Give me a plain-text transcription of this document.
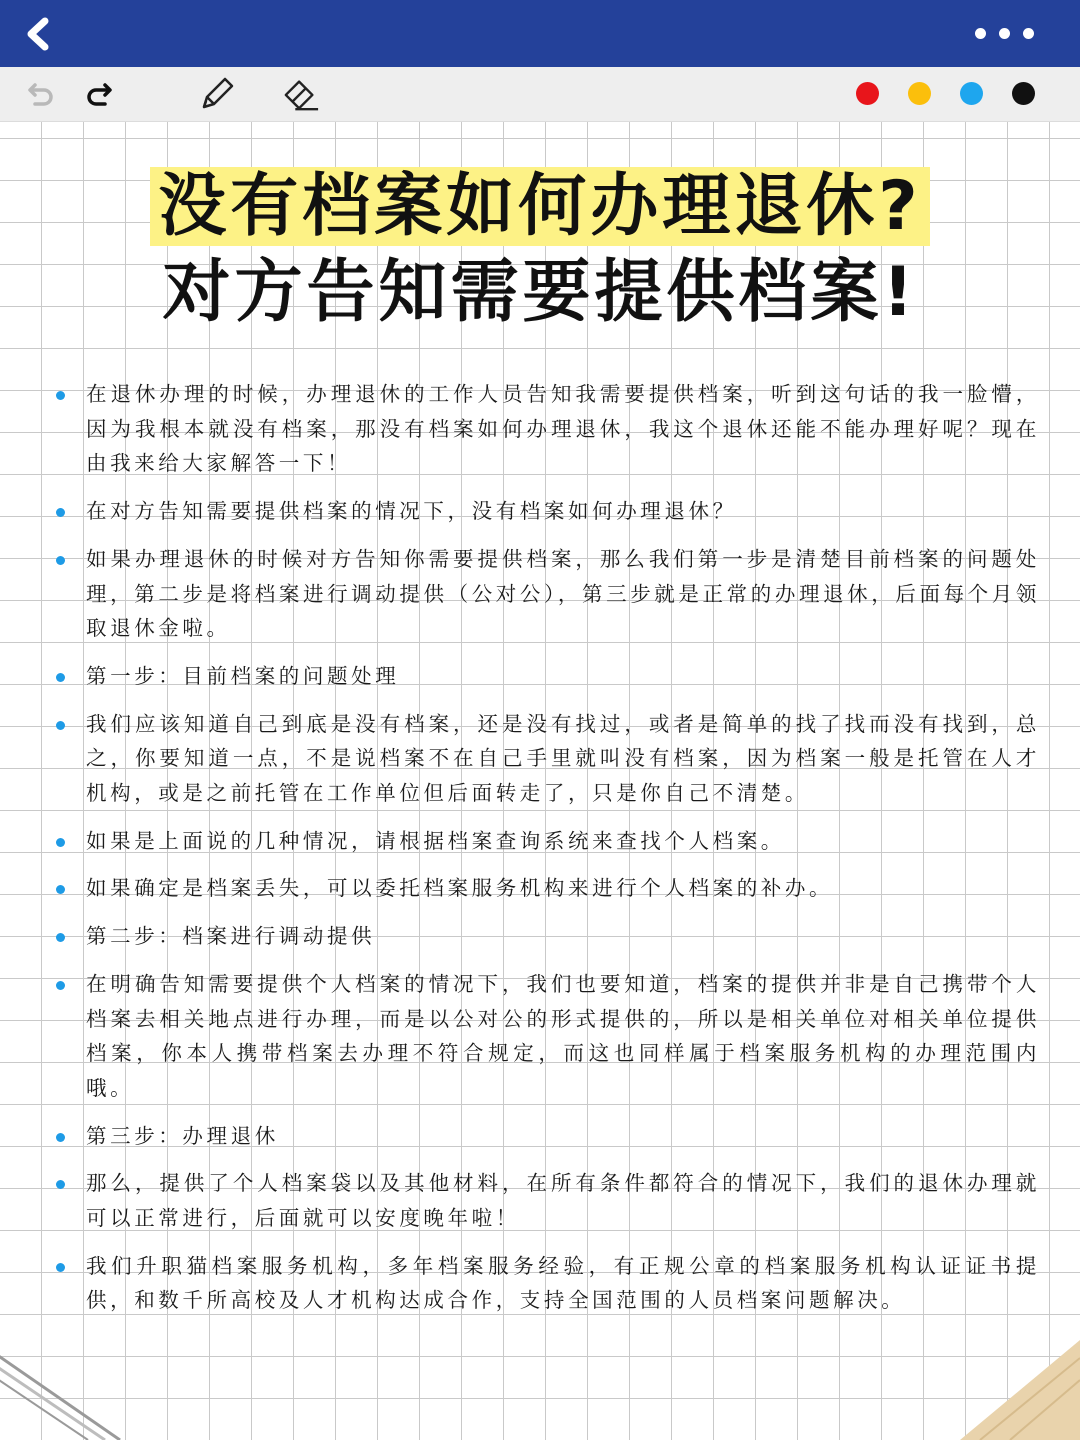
没有档案如何办理退休?
对方告知需要提供档案!
在退休办理的时候，办理退休的工作人员告知我需要提供档案，听到这句话的我一脸懵，因为我根本就没有档案，那没有档案如何办理退休，我这个退休还能不能办理好呢？现在由我来给大家解答一下！
在对方告知需要提供档案的情况下，没有档案如何办理退休？
如果办理退休的时候对方告知你需要提供档案，那么我们第一步是清楚目前档案的问题处理，第二步是将档案进行调动提供（公对公），第三步就是正常的办理退休，后面每个月领取退休金啦。
第一步：目前档案的问题处理
我们应该知道自己到底是没有档案，还是没有找过，或者是简单的找了找而没有找到，总之，你要知道一点，不是说档案不在自己手里就叫没有档案，因为档案一般是托管在人才机构，或是之前托管在工作单位但后面转走了，只是你自己不清楚。
如果是上面说的几种情况，请根据档案查询系统来查找个人档案。
如果确定是档案丢失，可以委托档案服务机构来进行个人档案的补办。
第二步：档案进行调动提供
在明确告知需要提供个人档案的情况下，我们也要知道，档案的提供并非是自己携带个人档案去相关地点进行办理，而是以公对公的形式提供的，所以是相关单位对相关单位提供档案，你本人携带档案去办理不符合规定，而这也同样属于档案服务机构的办理范围内哦。
第三步：办理退休
那么，提供了个人档案袋以及其他材料，在所有条件都符合的情况下，我们的退休办理就可以正常进行，后面就可以安度晚年啦！
我们升职猫档案服务机构，多年档案服务经验，有正规公章的档案服务机构认证证书提供，和数千所高校及人才机构达成合作，支持全国范围的人员档案问题解决。
